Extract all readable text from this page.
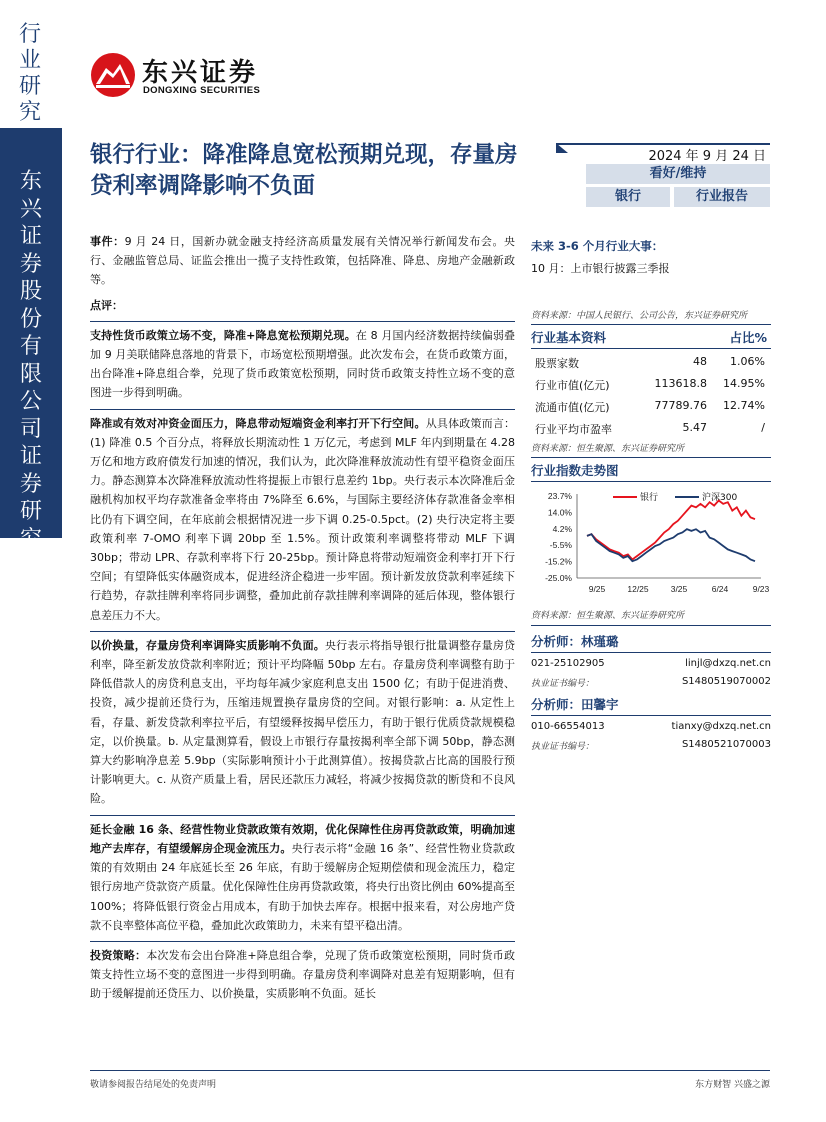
行业研究
东兴证券股份有限公司证券研究报告
东兴证券
DONGXING SECURITIES
银行行业：降准降息宽松预期兑现，存量房贷利率调降影响不负面
2024 年 9 月 24 日
看好/维持
银行	行业报告

事件：9 月 24 日，国新办就金融支持经济高质量发展有关情况举行新闻发布会。央行、金融监管总局、证监会推出一揽子支持性政策，包括降准、降息、房地产金融新政等。

点评：

支持性货币政策立场不变，降准+降息宽松预期兑现。在 8 月国内经济数据持续偏弱叠加 9 月美联储降息落地的背景下，市场宽松预期增强。此次发布会，在货币政策方面，出台降准+降息组合拳，兑现了货币政策宽松预期，同时货币政策支持性立场不变的意图进一步得到明确。

降准或有效对冲资金面压力，降息带动短端资金利率打开下行空间。从具体政策而言：(1) 降准 0.5 个百分点，将释放长期流动性 1 万亿元，考虑到 MLF 年内到期量在 4.28 万亿和地方政府债发行加速的情况，我们认为，此次降准释放流动性有望平稳资金面压力。静态测算本次降准释放流动性将提振上市银行息差约 1bp。央行表示本次降准后金融机构加权平均存款准备金率将由 7%降至 6.6%，与国际主要经济体存款准备金率相比仍有下调空间，在年底前会根据情况进一步下调 0.25-0.5pct。(2) 央行决定将主要政策利率 7-OMO 利率下调 20bp 至 1.5%。预计政策利率调整将带动 MLF 下调 30bp；带动 LPR、存款利率将下行 20-25bp。预计降息将带动短端资金利率打开下行空间；有望降低实体融资成本，促进经济企稳进一步牢固。预计新发放贷款利率延续下行趋势，存款挂牌利率将同步调整，叠加此前存款挂牌利率调降的延后体现，整体银行息差压力不大。

以价换量，存量房贷利率调降实质影响不负面。央行表示将指导银行批量调整存量房贷利率，降至新发放贷款利率附近；预计平均降幅 50bp 左右。存量房贷利率调整有助于降低借款人的房贷利息支出，平均每年减少家庭利息支出 1500 亿；有助于促进消费、投资，减少提前还贷行为，压缩违规置换存量房贷的空间。对银行影响：a. 从定性上看，存量、新发贷款利率拉平后，有望缓释按揭早偿压力，有助于银行优质贷款规模稳定，以价换量。b. 从定量测算看，假设上市银行存量按揭利率全部下调 50bp，静态测算大约影响净息差 5.9bp（实际影响预计小于此测算值）。按揭贷款占比高的国股行预计影响更大。c. 从资产质量上看，居民还款压力减轻，将减少按揭贷款的断贷和不良风险。

延长金融 16 条、经营性物业贷款政策有效期，优化保障性住房再贷款政策，明确加速地产去库存，有望缓解房企现金流压力。央行表示将“金融 16 条”、经营性物业贷款政策的有效期由 24 年底延长至 26 年底，有助于缓解房企短期偿债和现金流压力，稳定银行房地产贷款资产质量。优化保障性住房再贷款政策，将央行出资比例由 60%提高至 100%；将降低银行资金占用成本，有助于加快去库存。根据中报来看，对公房地产贷款不良率整体高位平稳，叠加此次政策助力，未来有望平稳出清。

投资策略：本次发布会出台降准+降息组合拳，兑现了货币政策宽松预期，同时货币政策支持性立场不变的意图进一步得到明确。存量房贷利率调降对息差有短期影响，但有助于缓解提前还贷压力、以价换量，实质影响不负面。延长

未来 3-6 个月行业大事：
10 月：上市银行披露三季报
资料来源：中国人民银行、公司公告，东兴证券研究所
行业基本资料	占比%
股票家数	48 1.06%
行业市值(亿元)	113618.8 14.95%
流通市值(亿元)	77789.76 12.74%
行业平均市盈率	5.47	/
资料来源：恒生聚源、东兴证券研究所
行业指数走势图
23.7%
14.0%
4.2%
-5.5%
-15.2%
-25.0%
9/25	12/25	3/25	6/24	9/23
银行	沪深300
资料来源：恒生聚源、东兴证券研究所
分析师：林瑾璐
021-25102905	linjl@dxzq.net.cn
执业证书编号：	S1480519070002
分析师：田馨宇
010-66554013	tianxy@dxzq.net.cn
执业证书编号：	S1480521070003
敬请参阅报告结尾处的免责声明	东方财智 兴盛之源
